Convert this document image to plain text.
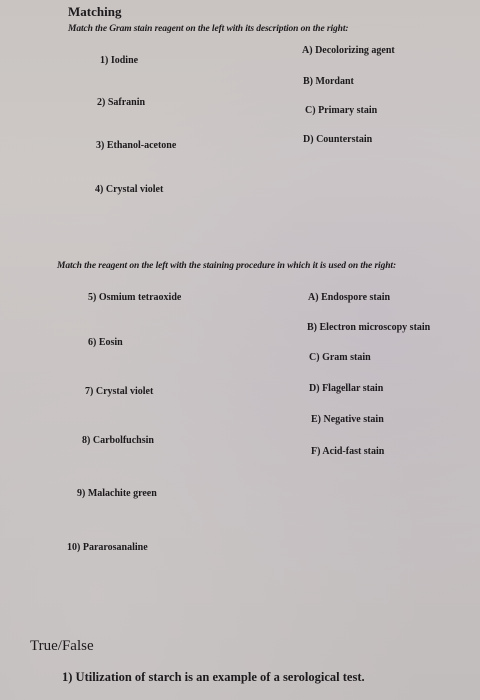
Matching
Match the Gram stain reagent on the left with its description on the right:
1) Iodine
2) Safranin
3) Ethanol-acetone
4) Crystal violet
A) Decolorizing agent
B) Mordant
C) Primary stain
D) Counterstain
Match the reagent on the left with the staining procedure in which it is used on the right:
5) Osmium tetraoxide
6) Eosin
7) Crystal violet
8) Carbolfuchsin
9) Malachite green
10) Pararosanaline
A) Endospore stain
B) Electron microscopy stain
C) Gram stain
D) Flagellar stain
E) Negative stain
F) Acid-fast stain
True/False
1) Utilization of starch is an example of a serological test.
